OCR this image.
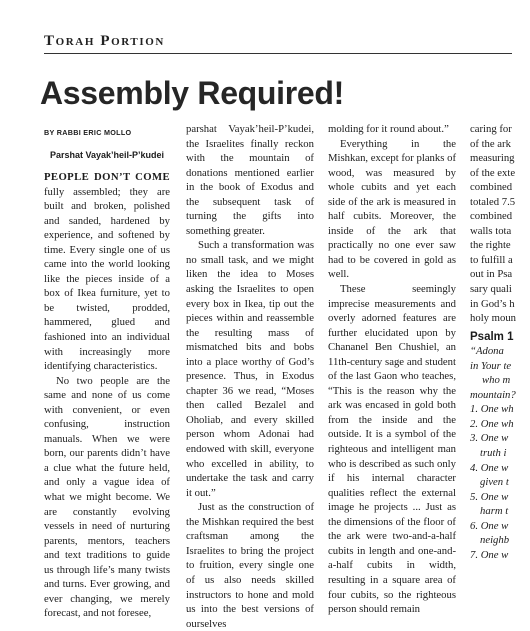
Torah Portion
Assembly Required!
BY RABBI ERIC MOLLO
Parshat Vayak’heil-P’kudei

PEOPLE DON’T COME fully assembled; they are built and broken, polished and sanded, hardened by experience, and softened by time. Every single one of us came into the world looking like the pieces inside of a box of Ikea furniture, yet to be twisted, prodded, hammered, glued and fashioned into an individual with increasingly more identifying characteristics.

No two people are the same and none of us come with convenient, or even confusing, instruction manuals. When we were born, our parents didn’t have a clue what the future held, and only a vague idea of what we might become. We are constantly evolving vessels in need of nurturing parents, mentors, teachers and text traditions to guide us through life’s many twists and turns. Ever growing, and ever changing, we merely forecast, and not foresee,

parshat Vayak’heil-P’kudei, the Israelites finally reckon with the mountain of donations mentioned earlier in the book of Exodus and the subsequent task of turning the gifts into something greater.

Such a transformation was no small task, and we might liken the idea to Moses asking the Israelites to open every box in Ikea, tip out the pieces within and reassemble the resulting mass of mismatched bits and bobs into a place worthy of God’s presence. Thus, in Exodus chapter 36 we read, “Moses then called Bezalel and Oholiab, and every skilled person whom Adonai had endowed with skill, everyone who excelled in ability, to undertake the task and carry it out.”

Just as the construction of the Mishkan required the best craftsman among the Israelites to bring the project to fruition, every single one of us also needs skilled instructors to hone and mold us into the best versions of ourselves

molding for it round about.”

Everything in the Mishkan, except for planks of wood, was measured by whole cubits and yet each side of the ark is measured in half cubits. Moreover, the inside of the ark that practically no one ever saw had to be covered in gold as well.

These seemingly imprecise measurements and overly adorned features are further elucidated upon by Chananel Ben Chushiel, an 11th-century sage and student of the last Gaon who teaches, “This is the reason why the ark was encased in gold both from the inside and the outside. It is a symbol of the righteous and intelligent man who is described as such only if his internal character qualities reflect the external image he projects ... Just as the dimensions of the floor of the ark were two-and-a-half cubits in length and one-and-a-half cubits in width, resulting in a square area of four cubits, so the righteous person should remain

caring for
of the ark
measuring
of the exte
combined
totaled 7.5
combined
walls tota
the righte
to fulfill a
out in Psa
sary quali
in God’s h
holy moun
Psalm 1
“Adona
in Your te
who m
mountain?
1. One wh
2. One wh
3. One w
truth i
4. One w
given t
5. One w
harm t
6. One w
neighb
7. One w
